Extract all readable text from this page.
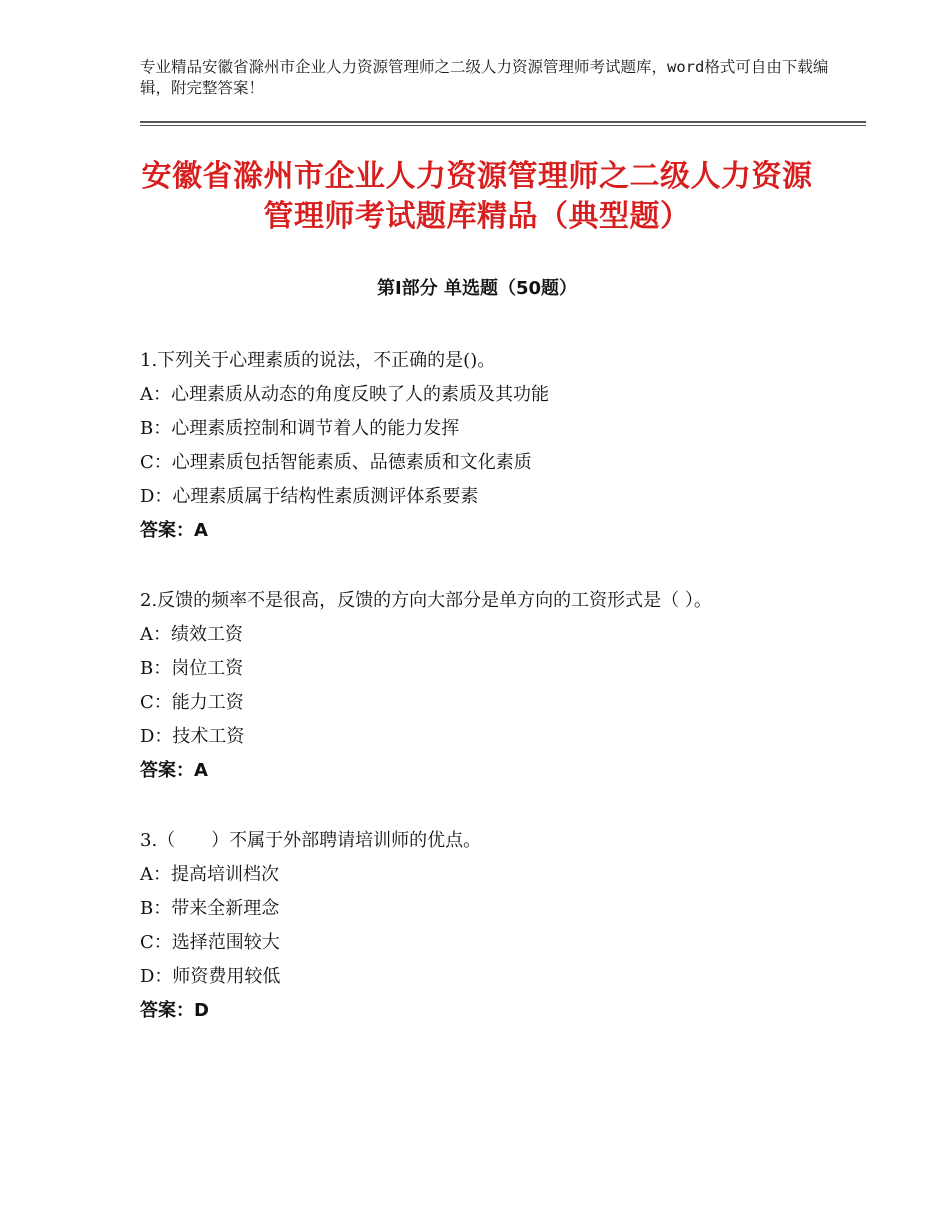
专业精品安徽省滁州市企业人力资源管理师之二级人力资源管理师考试题库，word格式可自由下载编辑，附完整答案！
安徽省滁州市企业人力资源管理师之二级人力资源管理师考试题库精品（典型题）
第Ⅰ部分 单选题（50题）

1.下列关于心理素质的说法，不正确的是()。

A：心理素质从动态的角度反映了人的素质及其功能

B：心理素质控制和调节着人的能力发挥

C：心理素质包括智能素质、品德素质和文化素质

D：心理素质属于结构性素质测评体系要素

答案：A

2.反馈的频率不是很高，反馈的方向大部分是单方向的工资形式是（ ）。

A：绩效工资

B：岗位工资

C：能力工资

D：技术工资

答案：A

3.（　　）不属于外部聘请培训师的优点。

A：提高培训档次

B：带来全新理念

C：选择范围较大

D：师资费用较低

答案：D
